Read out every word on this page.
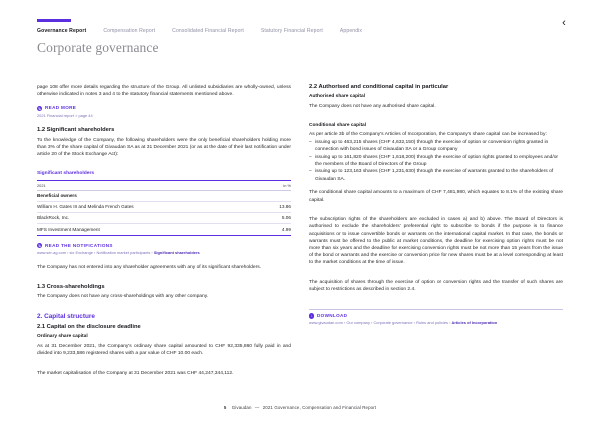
Governance Report	Compensation Report	Consolidated Financial Report	Statutory Financial Report	Appendix
‹
Corporate governance

page 108 offer more details regarding the structure of the Group. All unlisted subsidiaries are wholly-owned, unless otherwise indicated in notes 3 and 4 to the statutory financial statements mentioned above.

↳ READ MORE
2021 Financial report > page 44
1.2 Significant shareholders

To the knowledge of the Company, the following shareholders were the only beneficial shareholders holding more than 3% of the share capital of Givaudan SA as at 31 December 2021 (or as at the date of their last notification under article 20 of the Stock Exchange Act):

Significant shareholders
2021	in %
Beneficial owners	
William H. Gates III and Melinda French Gates	13.86
BlackRock, Inc.	5.06
MFS Investment Management	4.99
↳ READ THE NOTIFICATIONS
www.ser-ag.com › six Exchange › Notification market participants › Significant shareholders

The Company has not entered into any shareholder agreements with any of its significant shareholders.

1.3 Cross-shareholdings

The Company does not have any cross-shareholdings with any other company.

2. Capital structure
2.1 Capital on the disclosure deadline
Ordinary share capital

As at 31 December 2021, the Company's ordinary share capital amounted to CHF 92,335,860 fully paid in and divided into 9,233,586 registered shares with a par value of CHF 10.00 each.

The market capitalisation of the Company at 31 December 2021 was CHF 44,247,344,112.

2.2 Authorised and conditional capital in particular
Authorised share capital

The Company does not have any authorised share capital.

Conditional share capital

As per article 3b of the Company's Articles of Incorporation, the Company's share capital can be increased by:

– issuing up to 463,215 shares (CHF 4,632,150) through the exercise of option or conversion rights granted in connection with bond issues of Givaudan SA or a Group company
– issuing up to 161,820 shares (CHF 1,618,200) through the exercise of option rights granted to employees and/or the members of the Board of Directors of the Group
– issuing up to 123,163 shares (CHF 1,231,630) through the exercise of warrants granted to the shareholders of Givaudan SA.

The conditional share capital amounts to a maximum of CHF 7,481,980, which equates to 8.1% of the existing share capital.

The subscription rights of the shareholders are excluded in cases a) and b) above. The Board of Directors is authorised to exclude the shareholders' preferential right to subscribe to bonds if the purpose is to finance acquisitions or to issue convertible bonds or warrants on the international capital market. In that case, the bonds or warrants must be offered to the public at market conditions, the deadline for exercising option rights must be not more than six years and the deadline for exercising conversion rights must be not more than 15 years from the issue of the bond or warrants and the exercise or conversion price for new shares must be at a level corresponding at least to the market conditions at the time of issue.

The acquisition of shares through the exercise of option or conversion rights and the transfer of such shares are subject to restrictions as described in section 2.4.

↓ DOWNLOAD
www.givaudan.com › Our company › Corporate governance › Rules and policies › Articles of Incorporation
5 Givaudan — 2021 Governance, Compensation and Financial Report
